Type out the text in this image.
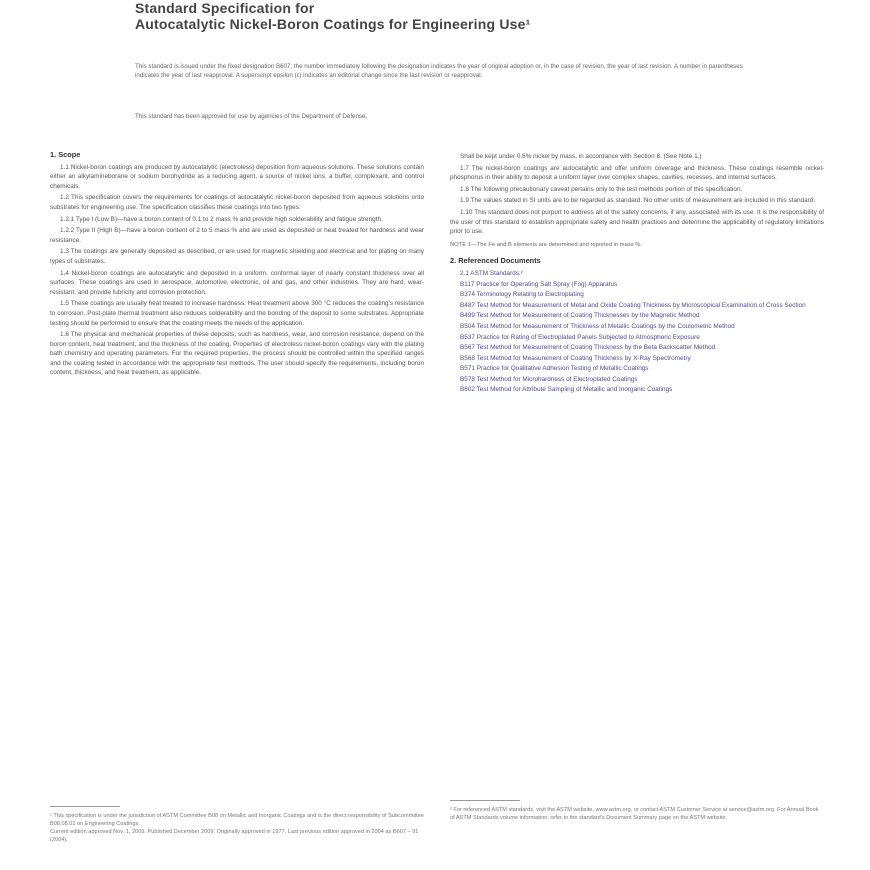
Standard Specification for
Autocatalytic Nickel-Boron Coatings for Engineering Use¹
This standard is issued under the fixed designation B607; the number immediately following the designation indicates the year of original adoption or, in the case of revision, the year of last revision. A number in parentheses indicates the year of last reapproval. A superscript epsilon (ε) indicates an editorial change since the last revision or reapproval.
This standard has been approved for use by agencies of the Department of Defense.
1. Scope
1.1 Nickel-boron coatings are produced by autocatalytic (electroless) deposition from aqueous solutions. These solutions contain either an alkylamineborane or sodium borohydride as a reducing agent, a source of nickel ions, a buffer, complexant, and control chemicals.
1.2 This specification covers the requirements for coatings of autocatalytic nickel-boron deposited from aqueous solutions onto substrates for engineering use. The specification classifies these coatings into two types:
1.2.1 Type I (Low B)—have a boron content of 0.1 to 2 mass % and provide high solderability and fatigue strength.
1.2.2 Type II (High B)—have a boron content of 2 to 5 mass % and are used as deposited or heat treated for hardness and wear resistance.
1.3 The coatings are generally deposited as described, or are used for magnetic shielding and electrical and for plating on many types of substrates.
1.4 Nickel-boron coatings are autocatalytic and deposited in a uniform, conformal layer of nearly constant thickness over all surfaces. These coatings are used in aerospace, automotive, electronic, oil and gas, and other industries. They are hard, wear-resistant, and provide lubricity and corrosion protection.
1.5 These coatings are usually heat treated to increase hardness. Heat treatment above 300 °C reduces the coating's resistance to corrosion. Post-plate thermal treatment also reduces solderability and the bonding of the deposit to some substrates. Appropriate testing should be performed to ensure that the coating meets the needs of the application.
1.6 The physical and mechanical properties of these deposits, such as hardness, wear, and corrosion resistance, depend on the boron content, heat treatment, and the thickness of the coating. Properties of electroless nickel-boron coatings vary with the plating bath chemistry and operating parameters. For the required properties, the process should be controlled within the specified ranges and the coating tested in accordance with the appropriate test methods. The user should specify the requirements, including boron content, thickness, and heat treatment, as applicable.
¹ This specification is under the jurisdiction of ASTM Committee B08 on Metallic and Inorganic Coatings and is the direct responsibility of Subcommittee B08.08.01 on Engineering Coatings.
Current edition approved Nov. 1, 2009. Published December 2009. Originally approved in 1977. Last previous edition approved in 2004 as B607 – 91 (2004).
Shall be kept under 0.6% nickel by mass, in accordance with Section 8. (See Note 1.)
1.7 The nickel-boron coatings are autocatalytic and offer uniform coverage and thickness. These coatings resemble nickel-phosphorus in their ability to deposit a uniform layer over complex shapes, cavities, recesses, and internal surfaces.
1.8 The following precautionary caveat pertains only to the test methods portion of this specification.
1.9 The values stated in SI units are to be regarded as standard. No other units of measurement are included in this standard.
1.10 This standard does not purport to address all of the safety concerns, if any, associated with its use. It is the responsibility of the user of this standard to establish appropriate safety and health practices and determine the applicability of regulatory limitations prior to use.
NOTE 1—The Fe and B elements are determined and reported in mass %.
2. Referenced Documents
2.1 ASTM Standards:²
B117 Practice for Operating Salt Spray (Fog) Apparatus
B374 Terminology Relating to Electroplating
B487 Test Method for Measurement of Metal and Oxide Coating Thickness by Microscopical Examination of Cross Section
B499 Test Method for Measurement of Coating Thicknesses by the Magnetic Method
B504 Test Method for Measurement of Thickness of Metallic Coatings by the Coulometric Method
B537 Practice for Rating of Electroplated Panels Subjected to Atmospheric Exposure
B567 Test Method for Measurement of Coating Thickness by the Beta Backscatter Method
B568 Test Method for Measurement of Coating Thickness by X-Ray Spectrometry
B571 Practice for Qualitative Adhesion Testing of Metallic Coatings
B578 Test Method for Microhardness of Electroplated Coatings
B602 Test Method for Attribute Sampling of Metallic and Inorganic Coatings
² For referenced ASTM standards, visit the ASTM website, www.astm.org, or contact ASTM Customer Service at service@astm.org. For Annual Book of ASTM Standards volume information, refer to the standard's Document Summary page on the ASTM website.
